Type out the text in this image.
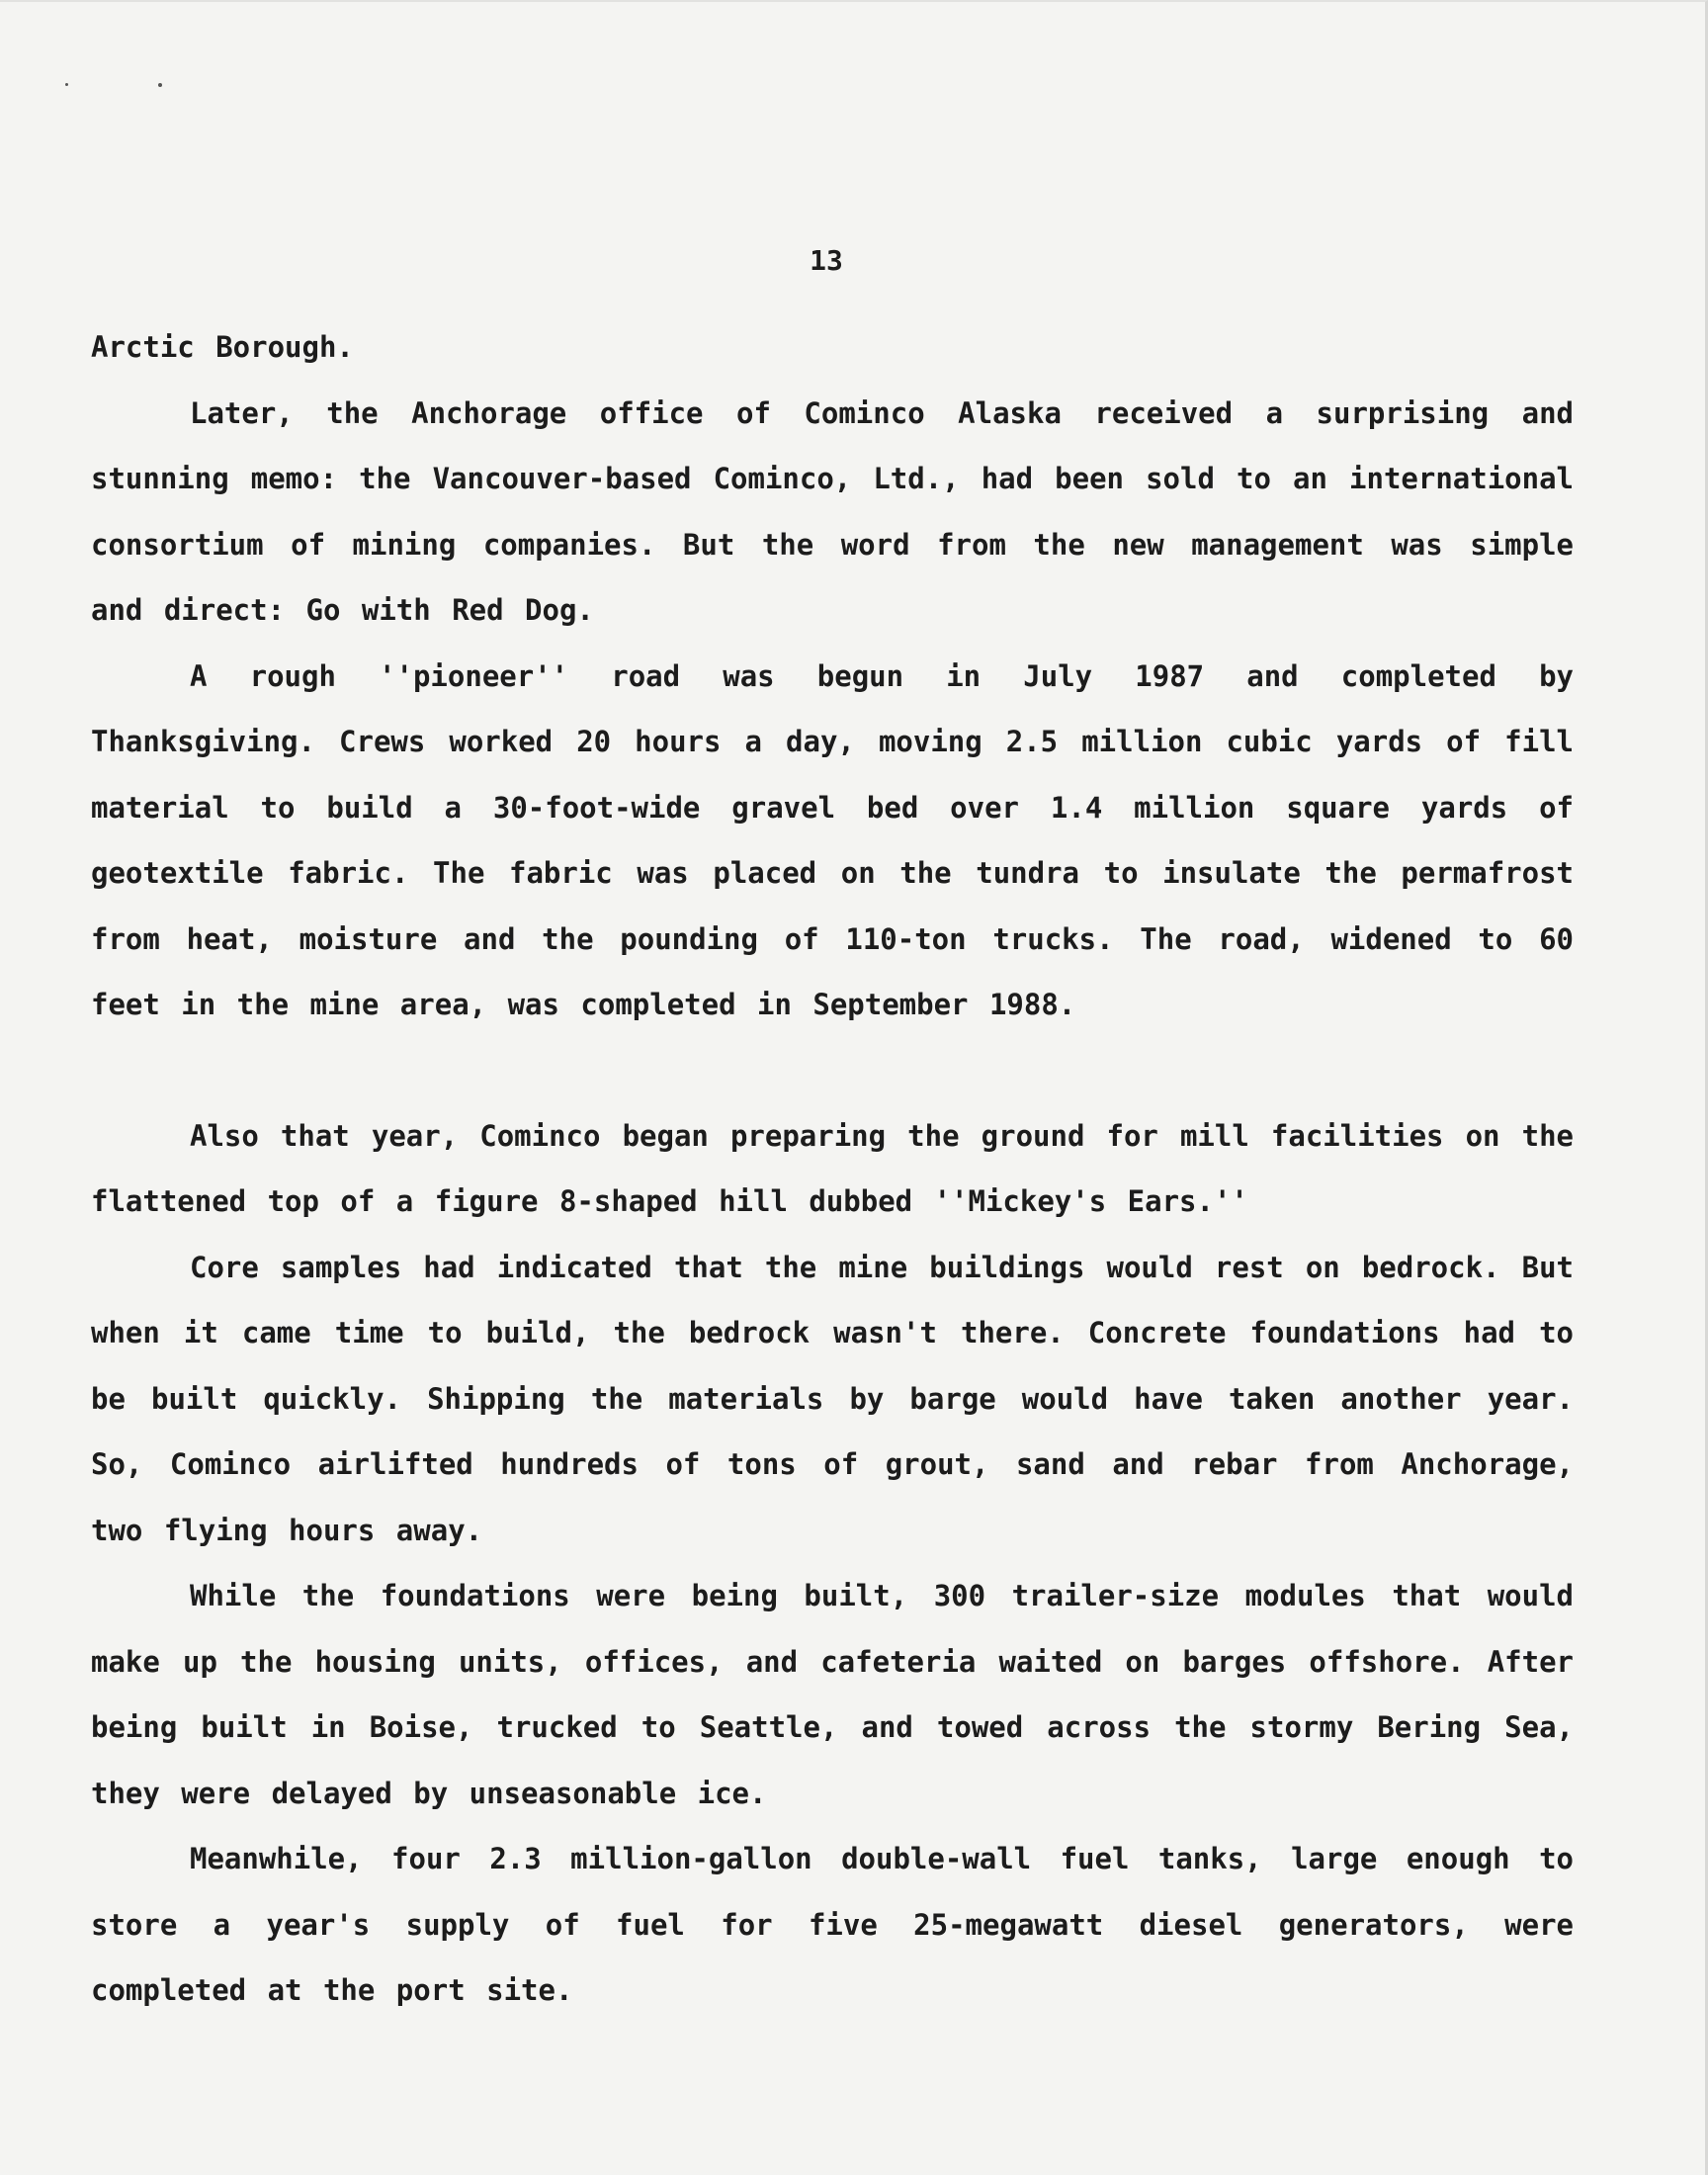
13

Arctic Borough.

Later, the Anchorage office of Cominco Alaska received a surprising and stunning memo: the Vancouver-based Cominco, Ltd., had been sold to an international consortium of mining companies. But the word from the new management was simple and direct: Go with Red Dog.

A rough ''pioneer'' road was begun in July 1987 and completed by Thanksgiving. Crews worked 20 hours a day, moving 2.5 million cubic yards of fill material to build a 30-foot-wide gravel bed over 1.4 million square yards of geotextile fabric. The fabric was placed on the tundra to insulate the permafrost from heat, moisture and the pounding of 110-ton trucks. The road, widened to 60 feet in the mine area, was completed in September 1988.

Also that year, Cominco began preparing the ground for mill facilities on the flattened top of a figure 8-shaped hill dubbed ''Mickey's Ears.''

Core samples had indicated that the mine buildings would rest on bedrock. But when it came time to build, the bedrock wasn't there. Concrete foundations had to be built quickly. Shipping the materials by barge would have taken another year. So, Cominco airlifted hundreds of tons of grout, sand and rebar from Anchorage, two flying hours away.

While the foundations were being built, 300 trailer-size modules that would make up the housing units, offices, and cafeteria waited on barges offshore. After being built in Boise, trucked to Seattle, and towed across the stormy Bering Sea, they were delayed by unseasonable ice.

Meanwhile, four 2.3 million-gallon double-wall fuel tanks, large enough to store a year's supply of fuel for five 25-megawatt diesel generators, were completed at the port site.
